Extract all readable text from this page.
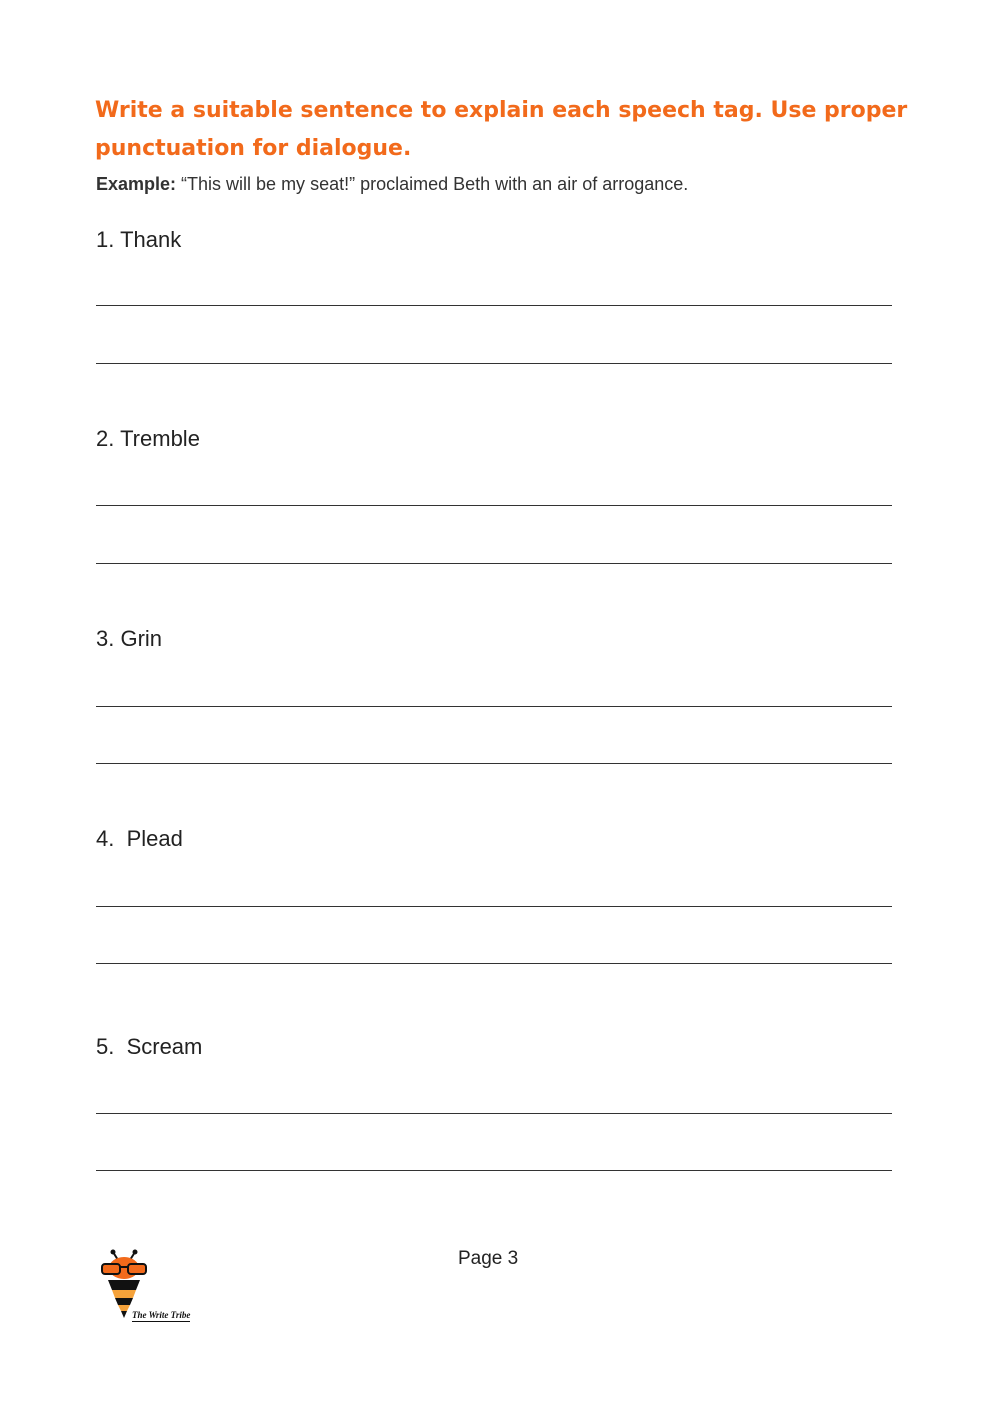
Write a suitable sentence to explain each speech tag. Use proper punctuation for dialogue.

Example: “This will be my seat!” proclaimed Beth with an air of arrogance.

1. Thank

2. Tremble

3. Grin

4.  Plead

5.  Scream

The Write Tribe
Page 3
